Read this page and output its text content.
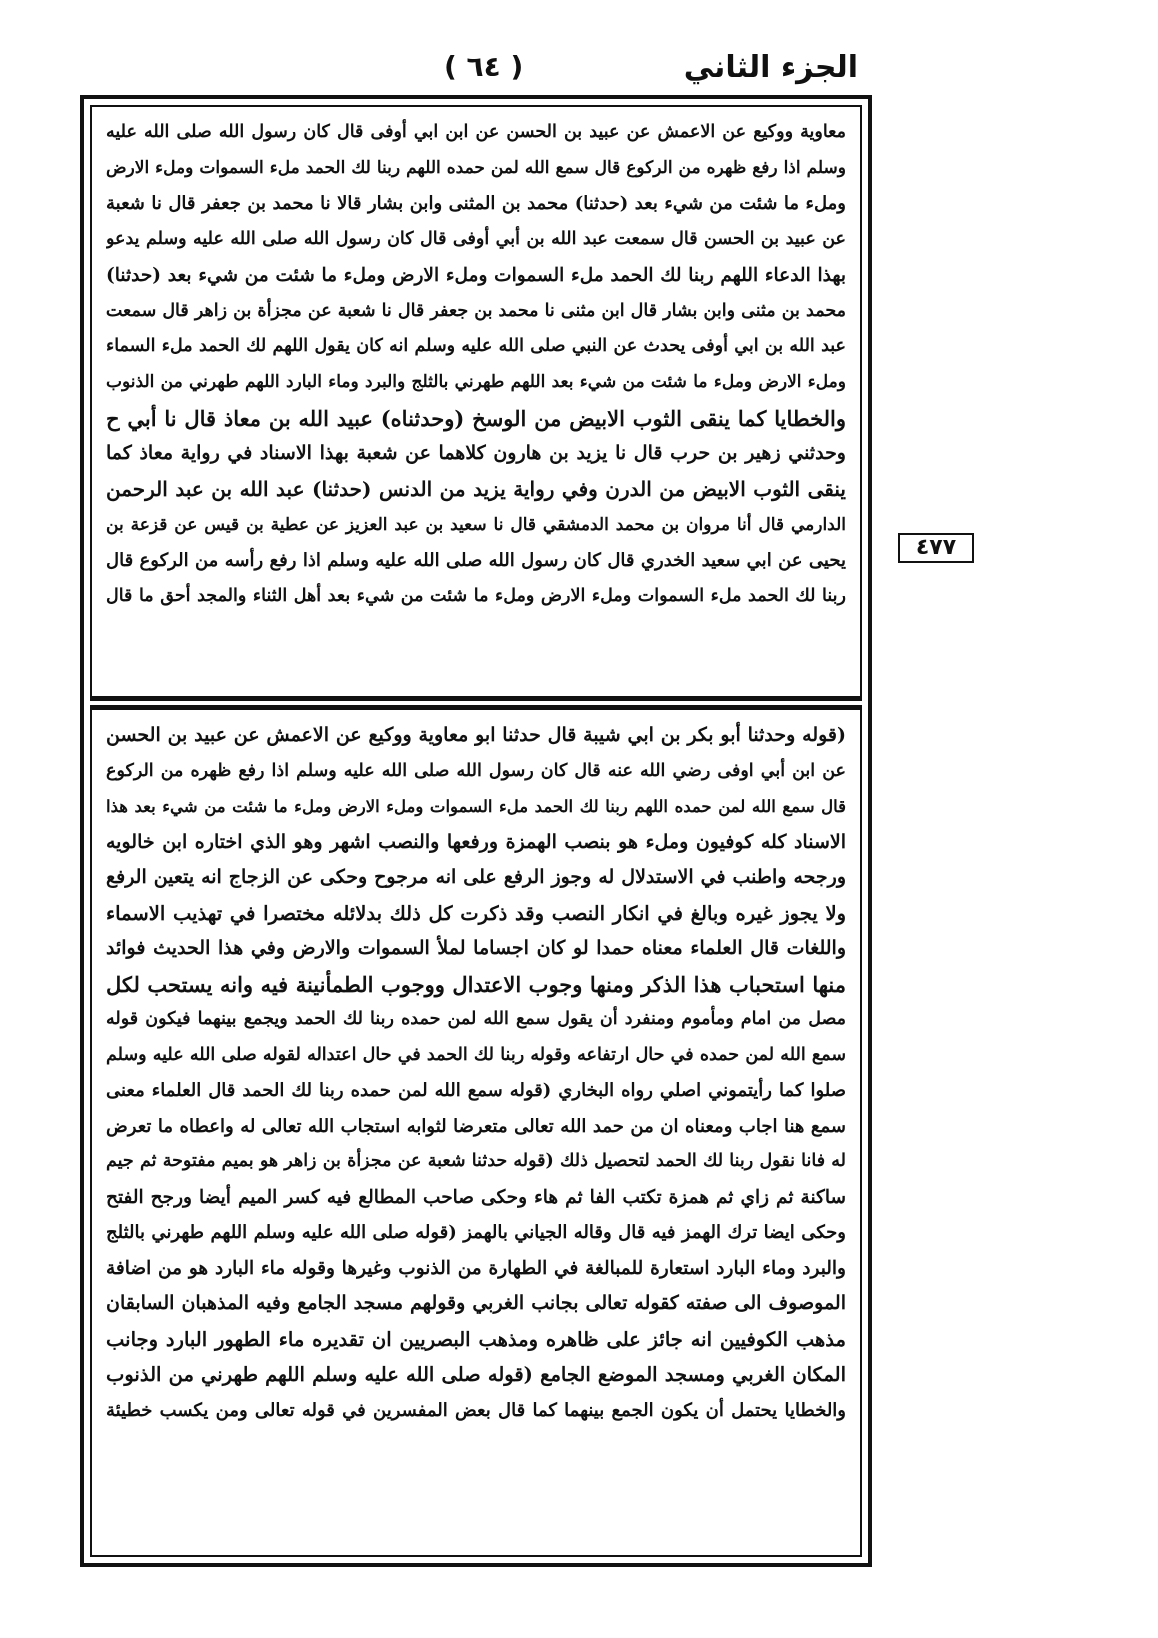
الجزء الثاني
( ٦٤ )
معاوية ووكيع عن الاعمش عن عبيد بن الحسن عن ابن ابي أوفى قال كان رسول الله صلى الله عليه
وسلم اذا رفع ظهره من الركوع قال سمع الله لمن حمده اللهم ربنا لك الحمد ملء السموات وملء الارض
وملء ما شئت من شيء بعد (حدثنا) محمد بن المثنى وابن بشار قالا نا محمد بن جعفر قال نا شعبة
عن عبيد بن الحسن قال سمعت عبد الله بن أبي أوفى قال كان رسول الله صلى الله عليه وسلم يدعو
بهذا الدعاء اللهم ربنا لك الحمد ملء السموات وملء الارض وملء ما شئت من شيء بعد (حدثنا)
محمد بن مثنى وابن بشار قال ابن مثنى نا محمد بن جعفر قال نا شعبة عن مجزأة بن زاهر قال سمعت
عبد الله بن ابي أوفى يحدث عن النبي صلى الله عليه وسلم انه كان يقول اللهم لك الحمد ملء السماء
وملء الارض وملء ما شئت من شيء بعد اللهم طهرني بالثلج والبرد وماء البارد اللهم طهرني من الذنوب
والخطايا كما ينقى الثوب الابيض من الوسخ (وحدثناه) عبيد الله بن معاذ قال نا أبي ح
وحدثني زهير بن حرب قال نا يزيد بن هارون كلاهما عن شعبة بهذا الاسناد في رواية معاذ كما
ينقى الثوب الابيض من الدرن وفي رواية يزيد من الدنس (حدثنا) عبد الله بن عبد الرحمن
الدارمي قال أنا مروان بن محمد الدمشقي قال نا سعيد بن عبد العزيز عن عطية بن قيس عن قزعة بن
يحيى عن ابي سعيد الخدري قال كان رسول الله صلى الله عليه وسلم اذا رفع رأسه من الركوع قال
ربنا لك الحمد ملء السموات وملء الارض وملء ما شئت من شيء بعد أهل الثناء والمجد أحق ما قال
(قوله وحدثنا أبو بكر بن ابي شيبة قال حدثنا ابو معاوية ووكيع عن الاعمش عن عبيد بن الحسن
عن ابن أبي اوفى رضي الله عنه قال كان رسول الله صلى الله عليه وسلم اذا رفع ظهره من الركوع
قال سمع الله لمن حمده اللهم ربنا لك الحمد ملء السموات وملء الارض وملء ما شئت من شيء بعد هذا
الاسناد كله كوفيون وملء هو بنصب الهمزة ورفعها والنصب اشهر وهو الذي اختاره ابن خالويه
ورجحه واطنب في الاستدلال له وجوز الرفع على انه مرجوح وحكى عن الزجاج انه يتعين الرفع
ولا يجوز غيره وبالغ في انكار النصب وقد ذكرت كل ذلك بدلائله مختصرا في تهذيب الاسماء
واللغات قال العلماء معناه حمدا لو كان اجساما لملأ السموات والارض وفي هذا الحديث فوائد
منها استحباب هذا الذكر ومنها وجوب الاعتدال ووجوب الطمأنينة فيه وانه يستحب لكل
مصل من امام ومأموم ومنفرد أن يقول سمع الله لمن حمده ربنا لك الحمد ويجمع بينهما فيكون قوله
سمع الله لمن حمده في حال ارتفاعه وقوله ربنا لك الحمد في حال اعتداله لقوله صلى الله عليه وسلم
صلوا كما رأيتموني اصلي رواه البخاري (قوله سمع الله لمن حمده ربنا لك الحمد قال العلماء معنى
سمع هنا اجاب ومعناه ان من حمد الله تعالى متعرضا لثوابه استجاب الله تعالى له واعطاه ما تعرض
له فانا نقول ربنا لك الحمد لتحصيل ذلك (قوله حدثنا شعبة عن مجزأة بن زاهر هو بميم مفتوحة ثم جيم
ساكنة ثم زاي ثم همزة تكتب الفا ثم هاء وحكى صاحب المطالع فيه كسر الميم أيضا ورجح الفتح
وحكى ايضا ترك الهمز فيه قال وقاله الجياني بالهمز (قوله صلى الله عليه وسلم اللهم طهرني بالثلج
والبرد وماء البارد استعارة للمبالغة في الطهارة من الذنوب وغيرها وقوله ماء البارد هو من اضافة
الموصوف الى صفته كقوله تعالى بجانب الغربي وقولهم مسجد الجامع وفيه المذهبان السابقان
مذهب الكوفيين انه جائز على ظاهره ومذهب البصريين ان تقديره ماء الطهور البارد وجانب
المكان الغربي ومسجد الموضع الجامع (قوله صلى الله عليه وسلم اللهم طهرني من الذنوب
والخطايا يحتمل أن يكون الجمع بينهما كما قال بعض المفسرين في قوله تعالى ومن يكسب خطيئة
٤٧٧
